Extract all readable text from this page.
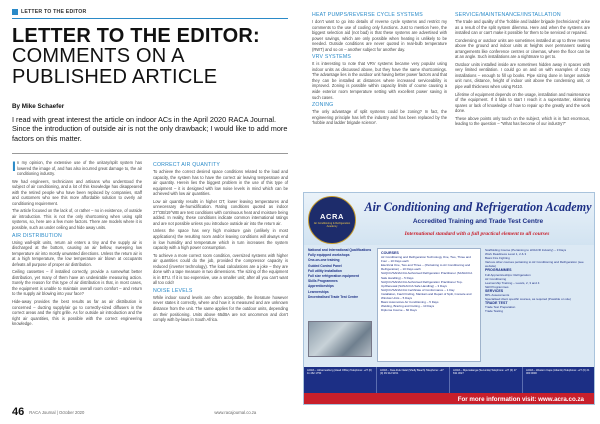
LETTER TO THE EDITOR
LETTER TO THE EDITOR:
COMMENTS ON A
PUBLISHED ARTICLE
By Mike Schaefer
I read with great interest the article on indoor ACs in the April 2020 RACA Journal. Since the introduction of outside air is not the only drawback; I would like to add more factors on this matter.

In my opinion, the extensive use of the unitary/split system has lowered the image of, and has also incurred great damage to, the air conditioning industry.

We had engineers, technicians and artisans who understood the subject of air conditioning, and a lot of this knowledge has disappeared with the retired people who have been replaced by companies, staff and customers who see this more affordable solution to overly air conditioning requirement.

The article focused on the lack of, or rather – no in existence, of outside air introduction. This is not the only shortcoming when using split systems, so, here are a few more factors. There are models where it is possible, such as under ceiling and hide away units.

AIR DISTRIBUTION

Using wall-split units, return air enters a tiny and the supply air is discharged at the bottom, causing an air bellow, sweeping low temperature air into mostly unwanted directions. Unless the return air is at a high temperature, the low temperature air blown at occupants defeats all purpose of proper air distribution.

Ceiling cassettes – if installed correctly, provide a somewhat better distribution, yet many of them have an undesirable measuring action. Surely the reason for this type of air distribution is that, in most cases, the equipment is unable to maintain overall room comfort – and return to the supply air blowing into your face?

Hide-away provides the best results as far as air distribution is concerned – ducting supply/air go to correctly-sized diffusers in the correct areas and the right grille. As for outside air introduction and the right air quantities, this is possible with the correct engineering knowledge.

CORRECT AIR QUANTITY

To achieve the correct desired space conditions related to the load and capacity, the system has to have the correct air leaving temperature and air quantity. Herein lies the biggest problem in the use of this type of equipment – it is designed with low noise levels in mind which can be achieved with low air quantities.

Low air quantity results in higher DT, lower leaving temperatures and unnecessary de-humidification. Rating conditions quoted as indoor 27°DB/19°WB are test conditions with continuous heat and moisture being added. In reality, these conditions indicate common international ratings and are not possible unless you introduce outside air into the return air.

Unless the space has very high moisture gain (unlikely in most applications) the resulting room and/or leaving conditions will always end in low humidity and temperature which in turn increases the system capacity with a high power consumption.

To achieve a more correct room condition, oversized systems with higher air quantities could do the job, provided the compressor capacity is reduced (inverter technology). The load calculations are a joke – they are done with a tape measure in two dimensions. The sizing of the equipment is in BTU. If it is too expensive, use a smaller unit; after all you can't want all too cold!

NOISE LEVELS

While indoor sound levels are often acceptable, the literature however never states it correctly, where and how it is measured and are unknown distance from the unit. The same applies for the outdoor units, depending on their positioning. Units above 65dBA are not uncommon and don't comply with by-laws in South Africa.

HEAT PUMPS/REVERSE CYCLE SYSTEMS

I don't want to go into details of reverse cycle systems and restrict my comments to the use of cooling only functions. Just to mention here, the biggest selection aid (not bad) is that these systems are advertised with power savings, which are only possible when heating is unlikely to be needed. Outside conditions are never quoted in real-bulb temperature (RWT) and so on – another subject for another day.

VRV SYSTEMS

It is interesting to note that VRV systems became very popular using indoor units as discussed above, but they have the same shortcomings. The advantage lies in the outdoor unit having better power factors and that they can be installed at distances where increased serviceability is improved. Zoning is possible within capacity limits of course causing a wide exterior room temperature setting with excellent power saving in such cases.

ZONING

The only advantage of split systems could be zoning? In fact, the engineering principle has left the industry and has been replaced by the 'hobbie and ladder brigade science'.

SERVICE/MAINTENANCE/INSTALLATION

The trade and quality of the 'hobbie and ladder brigade (technicians)' arise as a result of the split system dilemma. Here and when the systems are installed can or can't make it possible for them to be serviced or repaired.

Condensing or outdoor units are sometimes installed at up to three metres above the ground and indoor units at heights over permanent seating arrangements like conference centres or cinemas, where the floor can be at an angle. Such installations are a nightmare to get to.

Outdoor units installed inside are sometimes hidden away in spaces with very limited ventilation. I could go on and on with examples of crazy installations – enough to fill up books. Pipe sizing done in longer outside unit runs, distance, height of indoor unit above the condensing unit, or pipe wall thickness when using R410.

Lifetime of equipment depends on the usage, installation and maintenance of the equipment. If it fails to start I reach it a superstarter, skimming spares or lack of knowledge of how to repair up the greatly and the work done.

These above points only touch on the subject, which is in fact enormous, leading to the question – "What has become of our industry?"

ACRA
Air Conditioning & Refrigeration Academy
Air Conditioning and Refrigeration Academy
Accredited Training and Trade Test Centre
International standard with a full practical element to all courses
National and International Qualifications
Fully equipped workshops
One-on-one training
Guided Control Panel
Full utility installation
Full size refrigeration equipment
Skills Programmes
Apprenticeships
Learnerships
Decentralised Trade Test Centre
COURSES
Air Conditioning and Refrigeration Technology One, Two, Three and Four – 10 Days each
Electrical One, Two and Three – (Pertaining to Air Conditioning and Refrigeration) – 10 Days each
SAQCC/SANACCA Authorised Refrigeration Practitioner (SANACCA Safe Handling) – 5 Days
SAQCC/SANACCA Authorised Refrigeration Practitioner Top-Up/Renewal (SANACCA Safe Handling) – 3 Days
SAQCC/SANACCA Certificate of Conformance – 1 Day
Installation, Fault Finding, Maintain and Repair of Split, Console and Window Units – 5 Days
Basic Automotive Air Conditioning – 5 Days
Welding, Brazing and Cutting – 10 Days
Diploma Course – 60 Days
Scaffolding Course (Pertaining to HVAC/R Industry) – 3 Days
Work Readiness Level 1, 2 & 3
Basic Fire Fighting
Various other courses pertaining to Air Conditioning and Refrigeration (see website)
PROGRAMMES
Full Apprenticeships: Refrigeration
Air Conditioning
Learnership Training – Levels, 2, 3 and 4
Skill Programmes
SERVICES
RPL Assessments
Specialised client specific courses, as required (Possible on site)
TRADE TEST
Trade Test Preparation
Trade Testing
ACRA – Johannesburg (Head Office) Telephone: +27 (0) 11 462 1750
ACRA – Kwa-Zulu Natal (Shelly Beach) Telephone: +27 (0) 39 312 9151
ACRA – Mpumalanga (Secunda) Telephone: +27 (0) 17 631 3027
ACRA – Western Cape (Atlantis) Telephone: +27 (0) 21 000 0000
For more information visit: www.acra.co.za
46 RACA Journal | October 2020	www.racajournal.co.za
